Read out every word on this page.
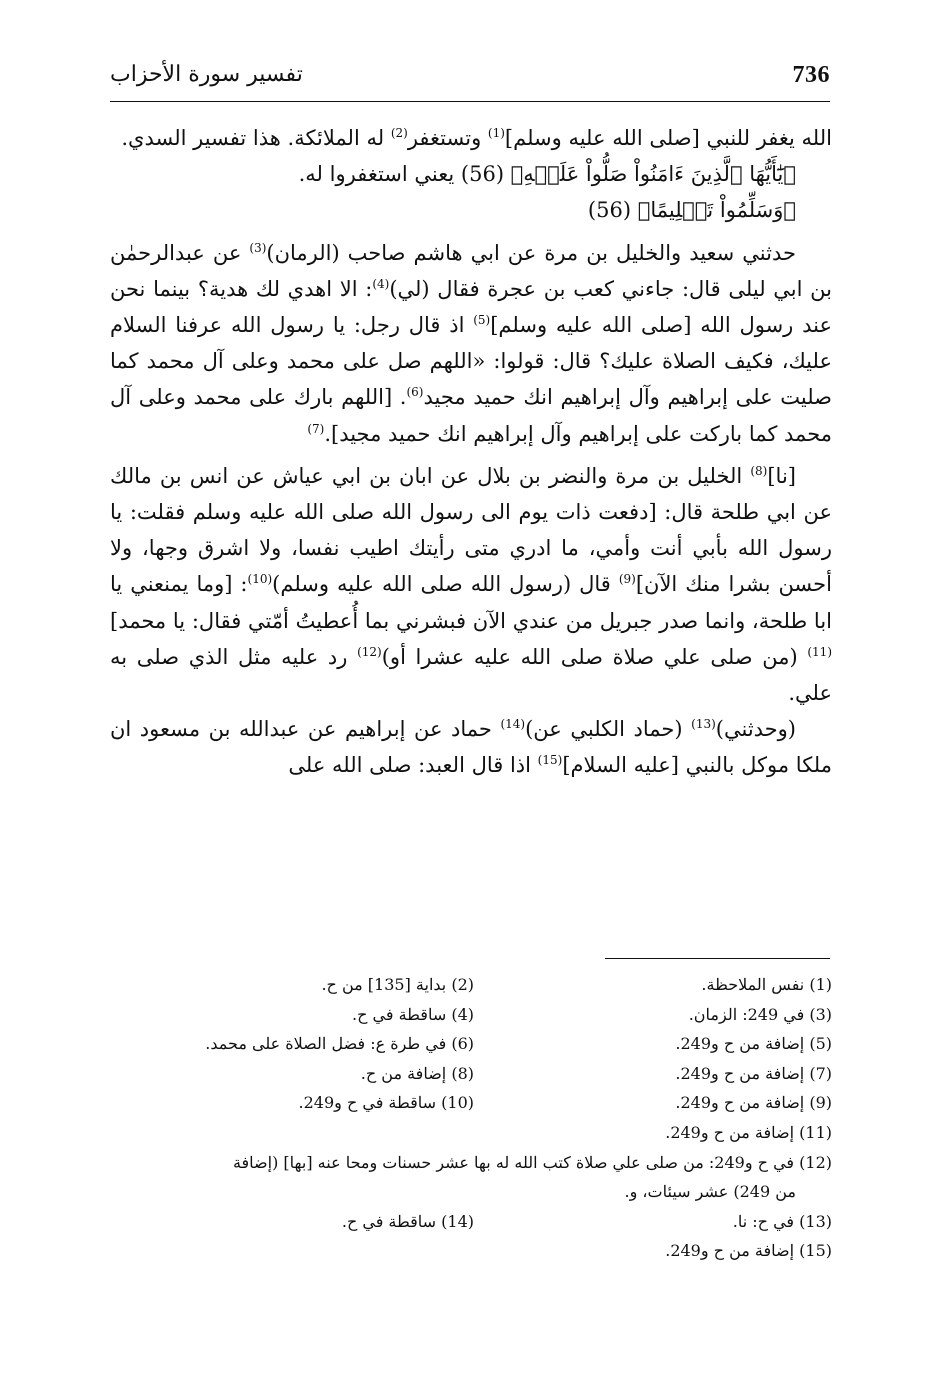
736
تفسير سورة الأحزاب

الله يغفر للنبي [صلى الله عليه وسلم]$^{(1)}$ وتستغفر$^{(2)}$ له الملائكة. هذا تفسير السدي.

﴿يَٰٓأَيُّهَا ٱلَّذِينَ ءَامَنُواْ صَلُّواْ عَلَيۡهِ﴾ (56) يعني استغفروا له.

﴿وَسَلِّمُواْ تَسۡلِيمًا﴾ (56)

حدثني سعيد والخليل بن مرة عن ابي هاشم صاحب (الرمان)$^{(3)}$ عن عبدالرحمٰن بن ابي ليلى قال: جاءني كعب بن عجرة فقال (لي)$^{(4)}$: الا اهدي لك هدية؟ بينما نحن عند رسول الله [صلى الله عليه وسلم]$^{(5)}$ اذ قال رجل: يا رسول الله عرفنا السلام عليك، فكيف الصلاة عليك؟ قال: قولوا: «اللهم صل على محمد وعلى آل محمد كما صليت على إبراهيم وآل إبراهيم انك حميد مجيد$^{(6)}$. [اللهم بارك على محمد وعلى آل محمد كما باركت على إبراهيم وآل إبراهيم انك حميد مجيد].$^{(7)}$

[نا]$^{(8)}$ الخليل بن مرة والنضر بن بلال عن ابان بن ابي عياش عن انس بن مالك عن ابي طلحة قال: [دفعت ذات يوم الى رسول الله صلى الله عليه وسلم فقلت: يا رسول الله بأبي أنت وأمي، ما ادري متى رأيتك اطيب نفسا، ولا اشرق وجها، ولا أحسن بشرا منك الآن]$^{(9)}$ قال (رسول الله صلى الله عليه وسلم)$^{(10)}$: [وما يمنعني يا ابا طلحة، وانما صدر جبريل من عندي الآن فبشرني بما أُعطيتُ أمّتي فقال: يا محمد]$^{(11)}$ (من صلى علي صلاة صلى الله عليه عشرا أو)$^{(12)}$ رد عليه مثل الذي صلى به علي.

(وحدثني)$^{(13)}$ (حماد الكلبي عن)$^{(14)}$ حماد عن إبراهيم عن عبدالله بن مسعود ان ملكا موكل بالنبي [عليه السلام]$^{(15)}$ اذا قال العبد: صلى الله على

(1) نفس الملاحظة.
(2) بداية [135] من ح.
(3) في 249: الزمان.
(4) ساقطة في ح.
(5) إضافة من ح و249.
(6) في طرة ع: فضل الصلاة على محمد.
(7) إضافة من ح و249.
(8) إضافة من ح.
(9) إضافة من ح و249.
(10) ساقطة في ح و249.
(11) إضافة من ح و249.
(12) في ح و249: من صلى علي صلاة كتب الله له بها عشر حسنات ومحا عنه [بها] (إضافة
من 249) عشر سيئات، و.
(13) في ح: نا.
(14) ساقطة في ح.
(15) إضافة من ح و249.
